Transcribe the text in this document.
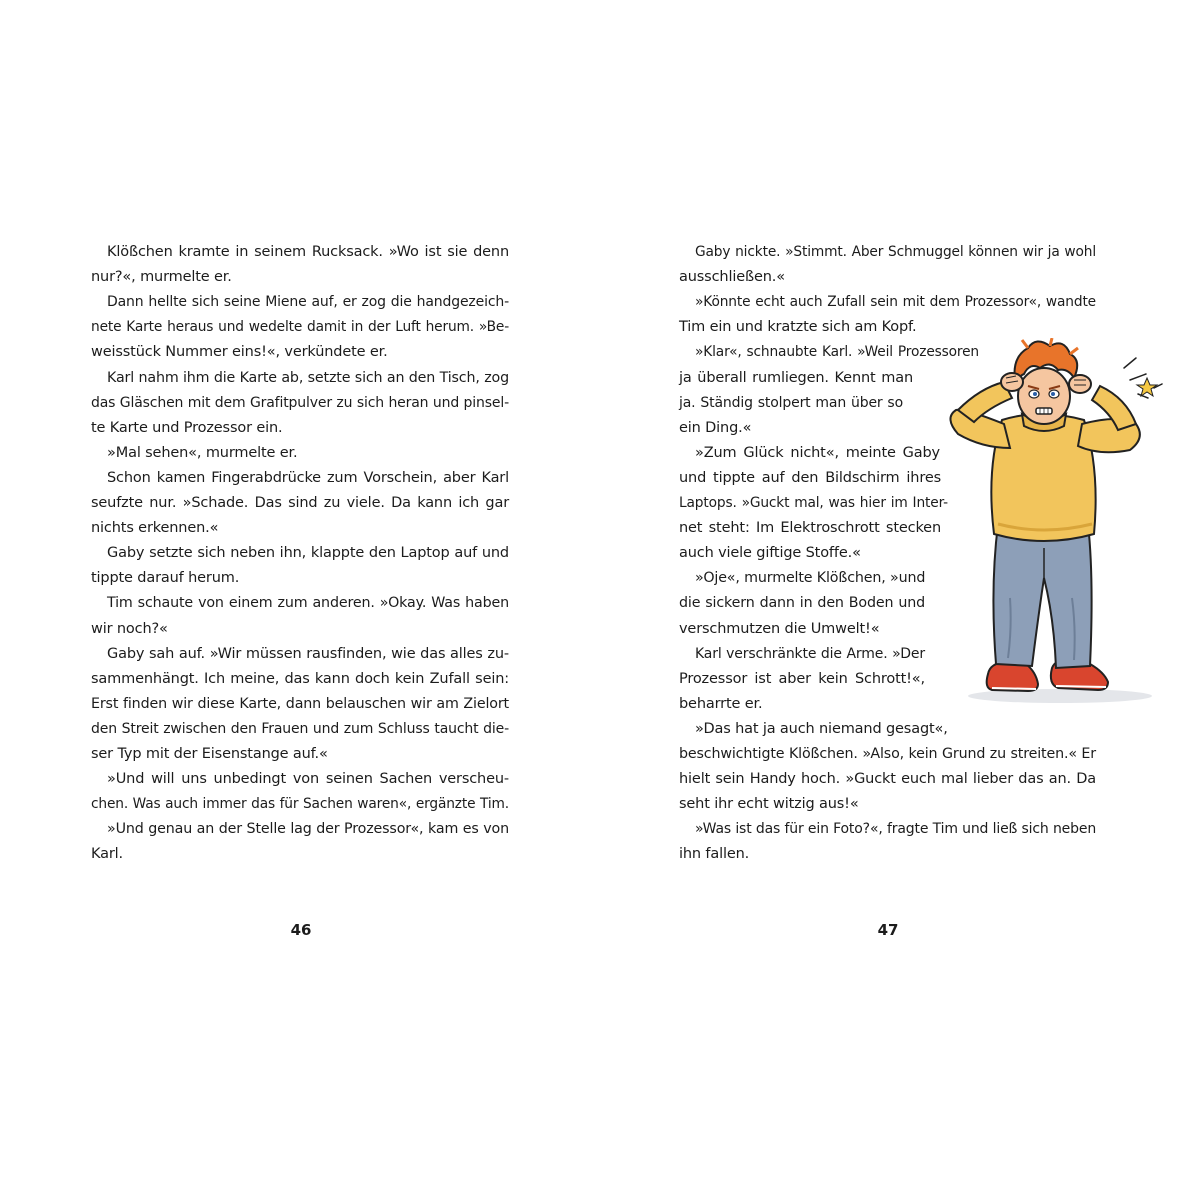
Klößchen kramte in seinem Rucksack. »Wo ist sie denn
nur?«, murmelte er.
Dann hellte sich seine Miene auf, er zog die handgezeich-
nete Karte heraus und wedelte damit in der Luft herum. »Be-
weisstück Nummer eins!«, verkündete er.
Karl nahm ihm die Karte ab, setzte sich an den Tisch, zog
das Gläschen mit dem Grafitpulver zu sich heran und pinsel-
te Karte und Prozessor ein.
»Mal sehen«, murmelte er.
Schon kamen Fingerabdrücke zum Vorschein, aber Karl
seufzte nur. »Schade. Das sind zu viele. Da kann ich gar
nichts erkennen.«
Gaby setzte sich neben ihn, klappte den Laptop auf und
tippte darauf herum.
Tim schaute von einem zum anderen. »Okay. Was haben
wir noch?«
Gaby sah auf. »Wir müssen rausfinden, wie das alles zu-
sammenhängt. Ich meine, das kann doch kein Zufall sein:
Erst finden wir diese Karte, dann belauschen wir am Zielort
den Streit zwischen den Frauen und zum Schluss taucht die-
ser Typ mit der Eisenstange auf.«
»Und will uns unbedingt von seinen Sachen verscheu-
chen. Was auch immer das für Sachen waren«, ergänzte Tim.
»Und genau an der Stelle lag der Prozessor«, kam es von
Karl.
46
Gaby nickte. »Stimmt. Aber Schmuggel können wir ja wohl
ausschließen.«
»Könnte echt auch Zufall sein mit dem Prozessor«, wandte
Tim ein und kratzte sich am Kopf.
»Klar«, schnaubte Karl. »Weil Prozessoren
ja überall rumliegen. Kennt man
ja. Ständig stolpert man über so
ein Ding.«
»Zum Glück nicht«, meinte Gaby
und tippte auf den Bildschirm ihres
Laptops. »Guckt mal, was hier im Inter-
net steht: Im Elektroschrott stecken
auch viele giftige Stoffe.«
»Oje«, murmelte Klößchen, »und
die sickern dann in den Boden und
verschmutzen die Umwelt!«
Karl verschränkte die Arme. »Der
Prozessor ist aber kein Schrott!«,
beharrte er.
»Das hat ja auch niemand gesagt«,
beschwichtigte Klößchen. »Also, kein Grund zu streiten.« Er
hielt sein Handy hoch. »Guckt euch mal lieber das an. Da
seht ihr echt witzig aus!«
»Was ist das für ein Foto?«, fragte Tim und ließ sich neben
ihn fallen.
47
